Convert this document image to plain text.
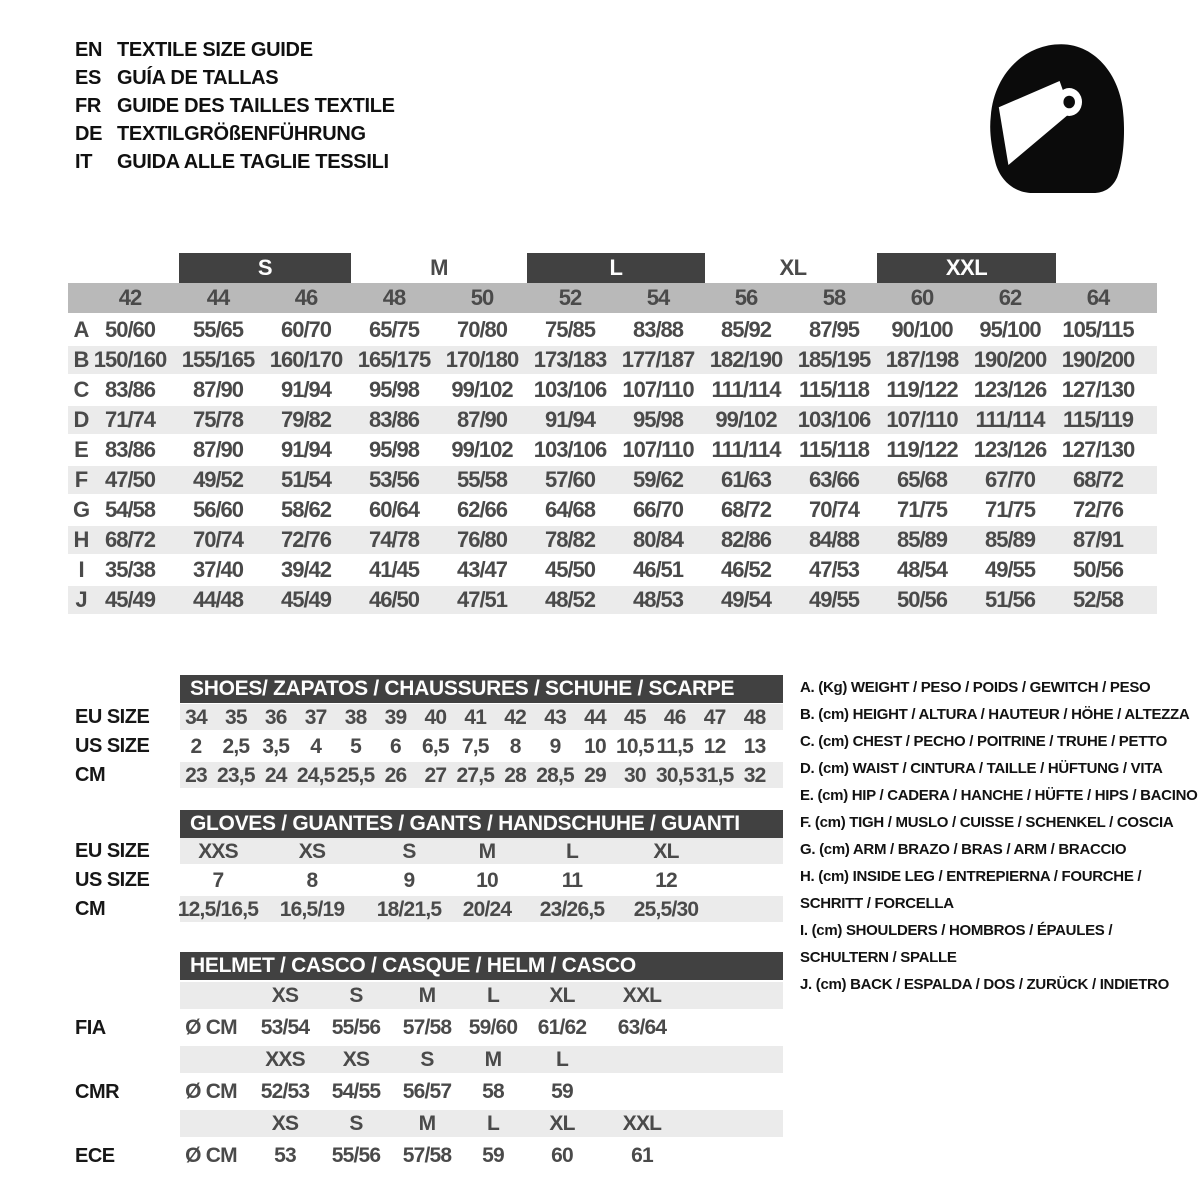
SHOES/ ZAPATOS / CHAUSSURES / SCHUHE / SCARPE
GLOVES / GUANTES / GANTS / HANDSCHUHE / GUANTI
HELMET / CASCO / CASQUE / HELM / CASCO
EN TEXTILE SIZE GUIDE
ES GUÍA DE TALLAS
FR GUIDE DES TAILLES TEXTILE
DE TEXTILGRÖßENFÜHRUNG
IT GUIDA ALLE TAGLIE TESSILI
S	M	L	XL	XXL
42	44	46	48	50	52	54	56	58	60	62	64
A 50/60	55/65	60/70	65/75	70/80	75/85	83/88	85/92	87/95	90/100	95/100 105/115
B 150/160 155/165 160/170 165/175 170/180 173/183 177/187 182/190 185/195 187/198 190/200 190/200
C 83/86	87/90	91/94	95/98	99/102 103/106 107/110 111/114 115/118 119/122 123/126 127/130
D 71/74	75/78	79/82	83/86	87/90	91/94	95/98	99/102 103/106 107/110 111/114 115/119
E 83/86	87/90	91/94	95/98	99/102 103/106 107/110 111/114 115/118 119/122 123/126 127/130
F 47/50	49/52	51/54	53/56	55/58	57/60	59/62	61/63	63/66	65/68	67/70	68/72
G 54/58	56/60	58/62	60/64	62/66	64/68	66/70	68/72	70/74	71/75	71/75	72/76
H 68/72	70/74	72/76	74/78	76/80	78/82	80/84	82/86	84/88	85/89	85/89	87/91
I 35/38	37/40	39/42	41/45	43/47	45/50	46/51	46/52	47/53	48/54	49/55	50/56
J 45/49	44/48	45/49	46/50	47/51	48/52	48/53	49/54	49/55	50/56	51/56	52/58
EU SIZE	34 35 36 37 38 39 40 41 42 43 44 45 46 47 48
US SIZE	2	2,5 3,5	4	5	6	6,5 7,5	8	9	10 10,5 11,5 12 13
CM	23 23,5 24 24,5 25,5 26 27 27,5 28 28,5 29 30 30,5 31,5 32
EU SIZE	XXS	XS	S	M	L	XL
US SIZE	7	8	9	10	11	12
CM	12,5/16,5	16,5/19	18/21,5	20/24	23/26,5	25,5/30
XS	S	M	L	XL	XXL
FIA	Ø CM	53/54	55/56	57/58 59/60 61/62	63/64
XXS	XS	S	M	L
CMR	Ø CM	52/53	54/55	56/57	58	59
XS	S	M	L	XL	XXL
ECE	Ø CM	53	55/56	57/58	59	60	61
A. (Kg) WEIGHT / PESO / POIDS / GEWITCH / PESO
B. (cm) HEIGHT / ALTURA / HAUTEUR / HÖHE / ALTEZZA
C. (cm) CHEST / PECHO / POITRINE / TRUHE / PETTO
D. (cm) WAIST / CINTURA / TAILLE / HÜFTUNG / VITA
E. (cm) HIP / CADERA / HANCHE / HÜFTE / HIPS / BACINO
F. (cm) TIGH / MUSLO / CUISSE / SCHENKEL / COSCIA
G. (cm) ARM / BRAZO / BRAS / ARM / BRACCIO
H. (cm) INSIDE LEG / ENTREPIERNA / FOURCHE /
SCHRITT / FORCELLA
I. (cm) SHOULDERS / HOMBROS / ÉPAULES /
SCHULTERN / SPALLE
J. (cm) BACK / ESPALDA / DOS / ZURÜCK / INDIETRO
